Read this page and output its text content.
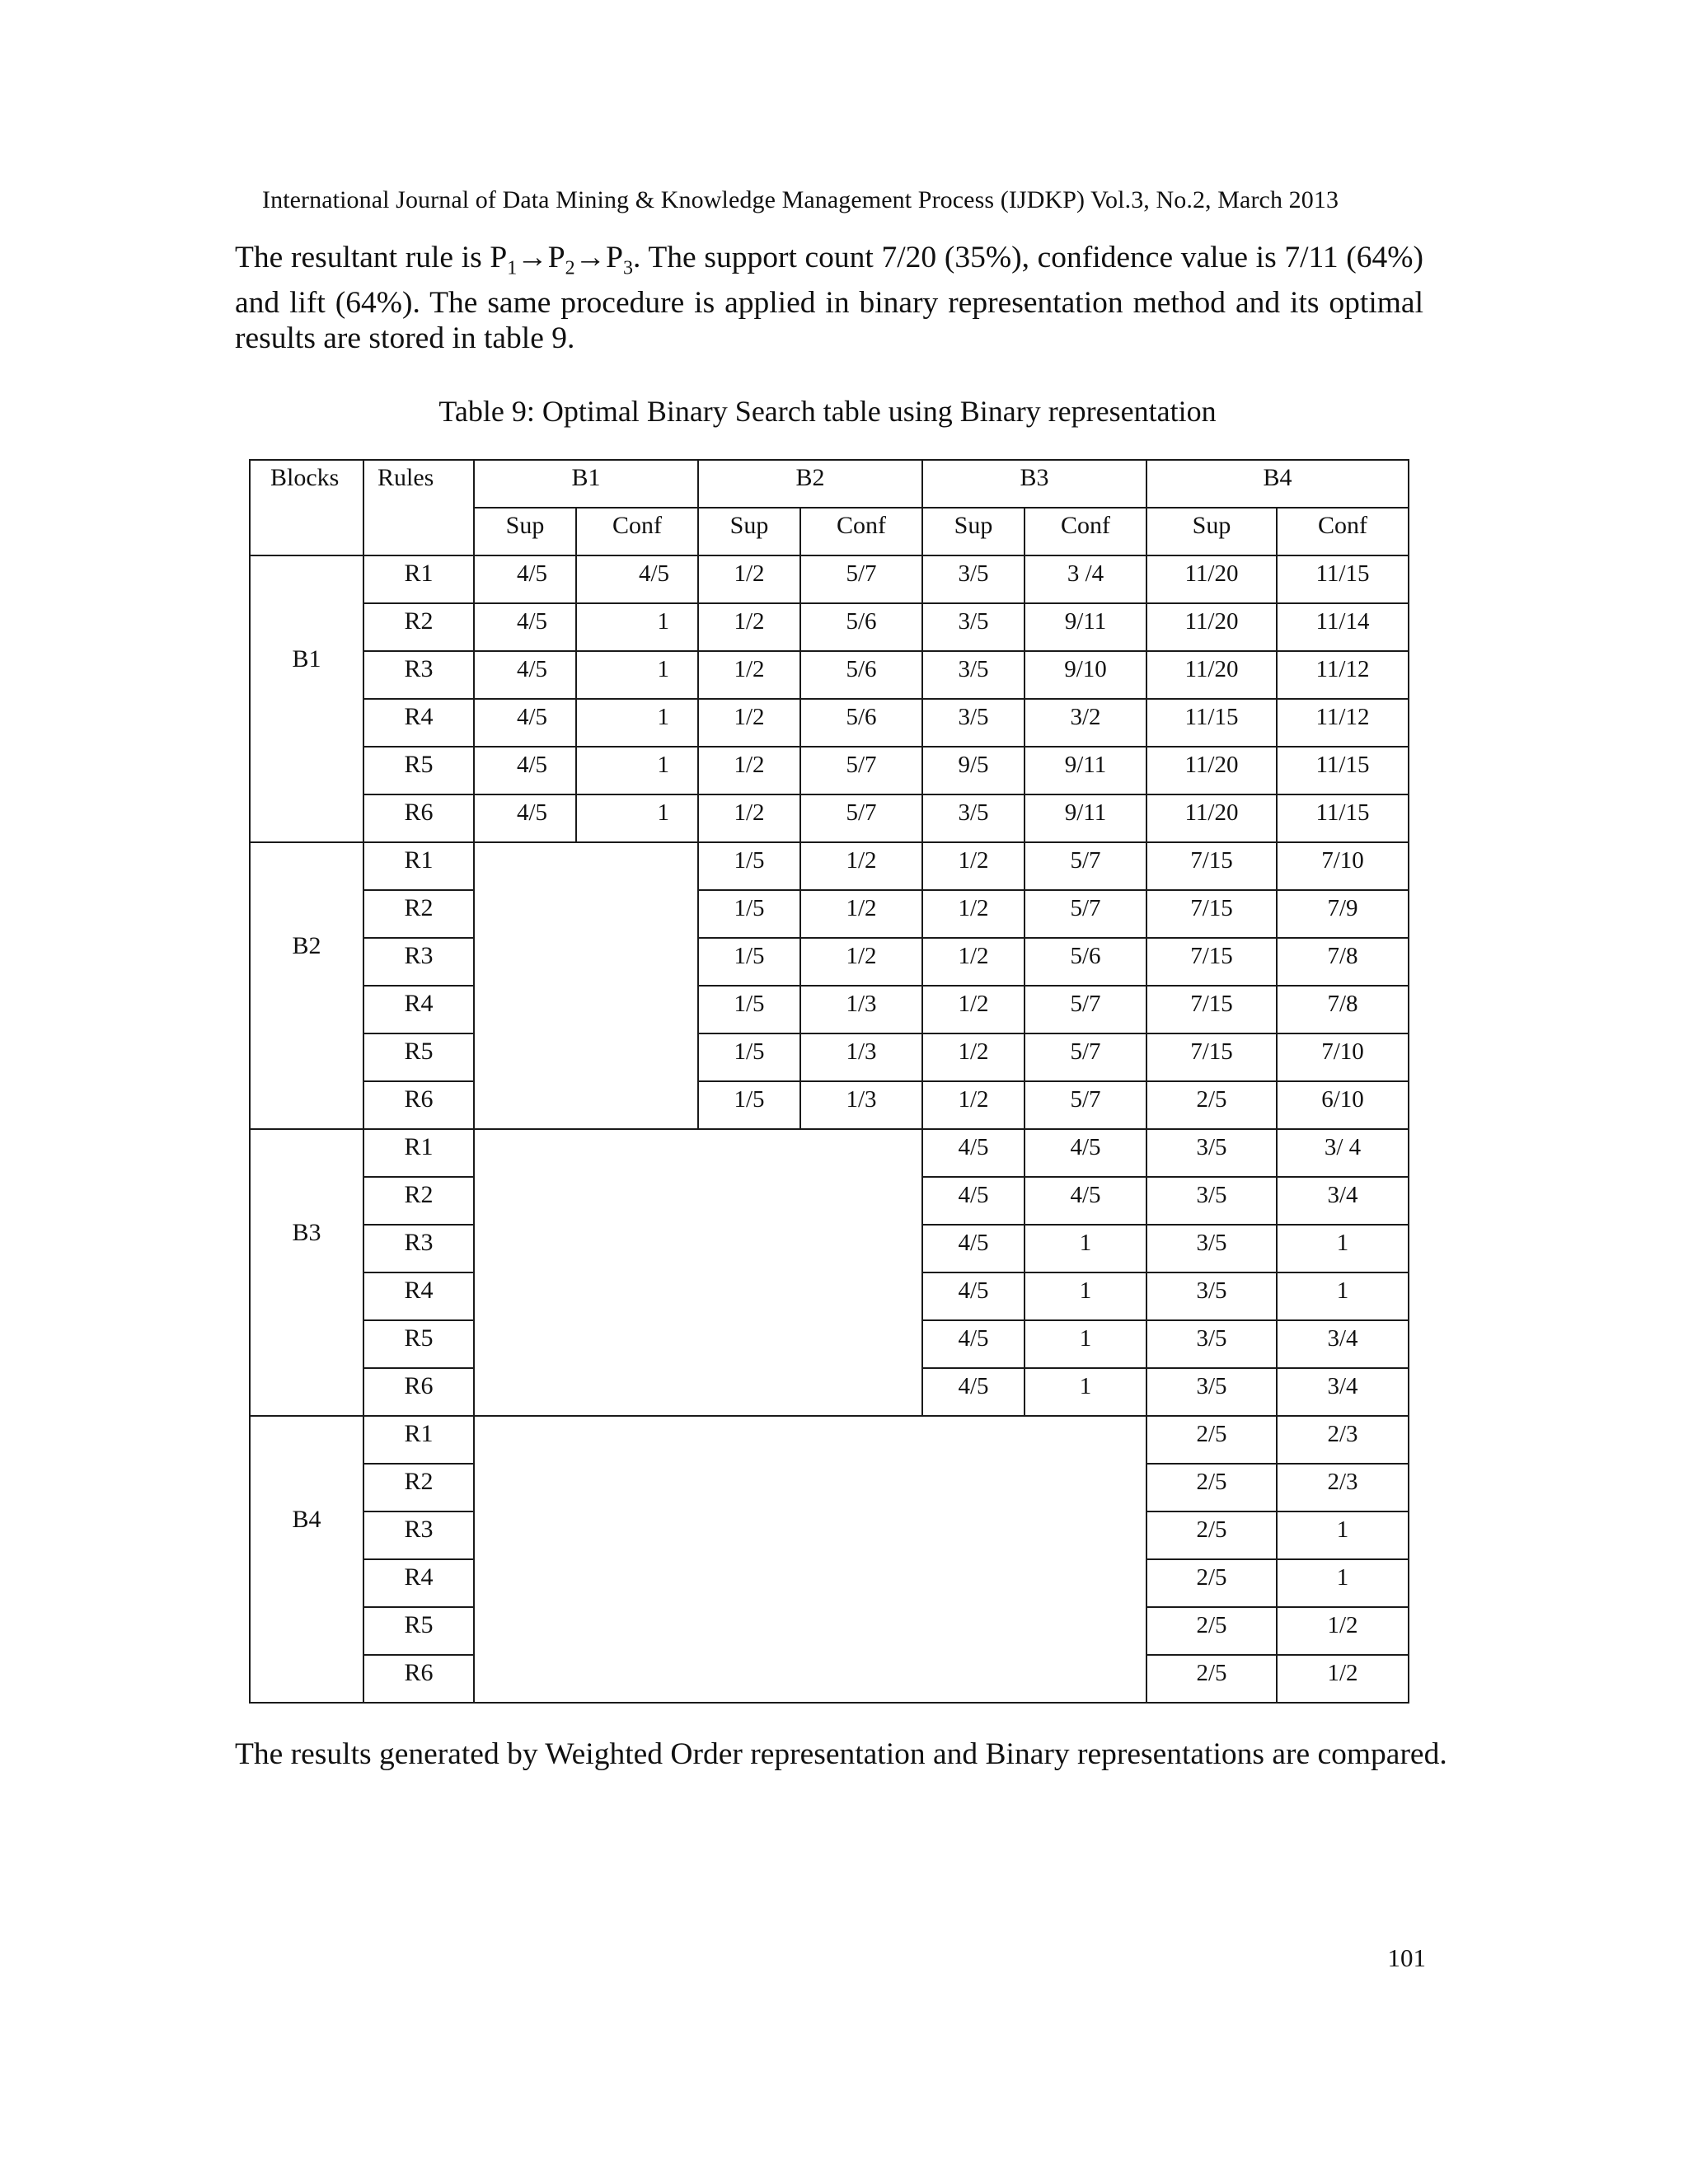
International Journal of Data Mining & Knowledge Management Process (IJDKP) Vol.3, No.2, March 2013
The resultant rule is $P_1\to P_2\to P_3$. The support count 7/20 (35%), confidence value is 7/11 (64%) and lift (64%). The same procedure is applied in binary representation method and its optimal results are stored in table 9.
Table 9: Optimal Binary Search table using Binary representation
Blocks	Rules	B1		B2		B3		B4	
		Sup	Conf	Sup	Conf	Sup	Conf	Sup	Conf
B1	R1	4/5	4/5	1/2	5/7	3/5	3 /4	11/20	11/15
	R2	4/5	1	1/2	5/6	3/5	9/11	11/20	11/14
	R3	4/5	1	1/2	5/6	3/5	9/10	11/20	11/12
	R4	4/5	1	1/2	5/6	3/5	3/2	11/15	11/12
	R5	4/5	1	1/2	5/7	9/5	9/11	11/20	11/15
	R6	4/5	1	1/2	5/7	3/5	9/11	11/20	11/15
B2	R1			1/5	1/2	1/2	5/7	7/15	7/10
	R2			1/5	1/2	1/2	5/7	7/15	7/9
	R3			1/5	1/2	1/2	5/6	7/15	7/8
	R4			1/5	1/3	1/2	5/7	7/15	7/8
	R5			1/5	1/3	1/2	5/7	7/15	7/10
	R6			1/5	1/3	1/2	5/7	2/5	6/10
B3	R1					4/5	4/5	3/5	3/ 4
	R2					4/5	4/5	3/5	3/4
	R3					4/5	1	3/5	1
	R4					4/5	1	3/5	1
	R5					4/5	1	3/5	3/4
	R6					4/5	1	3/5	3/4
B4	R1							2/5	2/3
	R2							2/5	2/3
	R3							2/5	1
	R4							2/5	1
	R5							2/5	1/2
	R6							2/5	1/2
The results generated by Weighted Order representation and Binary representations are compared.
101
